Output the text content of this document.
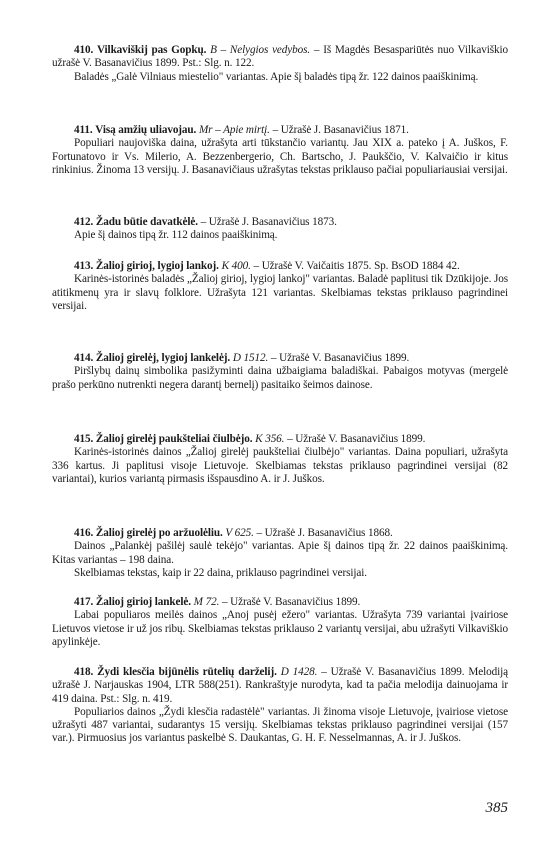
410. Vilkaviškij pas Gopkų. B – Nelygios vedybos. – Iš Magdės Besaspariūtės nuo Vilkaviškio užrašė V. Basanavičius 1899. Pst.: Slg. n. 122.

Baladės „Galė Vilniaus miestelio" variantas. Apie šį baladės tipą žr. 122 dainos paaiškinimą.

411. Visą amžių uliavojau. Mr – Apie mirtį. – Užrašė J. Basanavičius 1871.

Populiari naujoviška daina, užrašyta arti tūkstančio variantų. Jau XIX a. pateko į A. Juškos, F. Fortunatovo ir Vs. Milerio, A. Bezzenbergerio, Ch. Bartscho, J. Paukščio, V. Kalvaičio ir kitus rinkinius. Žinoma 13 versijų. J. Basanavičiaus užrašytas tekstas priklauso pačiai populiariausiai versijai.

412. Žadu būtie davatkėlė. – Užrašė J. Basanavičius 1873.

Apie šį dainos tipą žr. 112 dainos paaiškinimą.

413. Žalioj girioj, lygioj lankoj. K 400. – Užrašė V. Vaičaitis 1875. Sp. BsOD 1884 42.

Karinės-istorinės baladės „Žalioj girioj, lygioj lankoj" variantas. Baladė paplitusi tik Dzūkijoje. Jos atitikmenų yra ir slavų folklore. Užrašyta 121 variantas. Skelbiamas tekstas priklauso pagrindinei versijai.

414. Žalioj girelėj, lygioj lankelėj. D 1512. – Užrašė V. Basanavičius 1899.

Piršlybų dainų simbolika pasižyminti daina užbaigiama baladiškai. Pabaigos motyvas (mergelė prašo perkūno nutrenkti negera darantį bernelį) pasitaiko šeimos dainose.

415. Žalioj girelėj paukšteliai čiulbėjo. K 356. – Užrašė V. Basanavičius 1899.

Karinės-istorinės dainos „Žalioj girelėj paukšteliai čiulbėjo" variantas. Daina populiari, užrašyta 336 kartus. Ji paplitusi visoje Lietuvoje. Skelbiamas tekstas priklauso pagrindinei versijai (82 variantai), kurios variantą pirmasis išspausdino A. ir J. Juškos.

416. Žalioj girelėj po aržuolėliu. V 625. – Užrašė J. Basanavičius 1868.

Dainos „Palankėj pašilėj saulė tekėjo" variantas. Apie šį dainos tipą žr. 22 dainos paaiškinimą. Kitas variantas – 198 daina.

Skelbiamas tekstas, kaip ir 22 daina, priklauso pagrindinei versijai.

417. Žalioj girioj lankelė. M 72. – Užrašė V. Basanavičius 1899.

Labai populiaros meilės dainos „Anoj pusėj ežero" variantas. Užrašyta 739 variantai įvairiose Lietuvos vietose ir už jos ribų. Skelbiamas tekstas priklauso 2 variantų versijai, abu užrašyti Vilkaviškio apylinkėje.

418. Žydi klesčia bijūnėlis rūtelių darželij. D 1428. – Užrašė V. Basanavičius 1899. Melodiją užrašė J. Narjauskas 1904, LTR 588(251). Rankraštyje nurodyta, kad ta pačia melodija dainuojama ir 419 daina. Pst.: Slg. n. 419.

Populiarios dainos „Žydi klesčia radastėlė" variantas. Ji žinoma visoje Lietuvoje, įvairiose vietose užrašyti 487 variantai, sudarantys 15 versijų. Skelbiamas tekstas priklauso pagrindinei versijai (157 var.). Pirmuosius jos variantus paskelbė S. Daukantas, G. H. F. Nesselmannas, A. ir J. Juškos.

385
